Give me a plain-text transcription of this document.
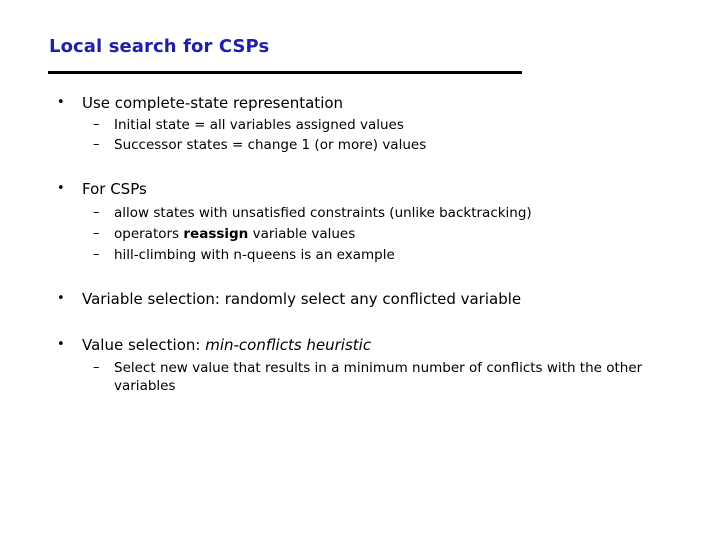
Local search for CSPs
• Use complete-state representation
– Initial state = all variables assigned values
– Successor states = change 1 (or more) values
• For CSPs
– allow states with unsatisfied constraints (unlike backtracking)
– operators reassign variable values
– hill-climbing with n-queens is an example
• Variable selection: randomly select any conflicted variable
• Value selection: min-conflicts heuristic
– Select new value that results in a minimum number of conflicts with the other variables
